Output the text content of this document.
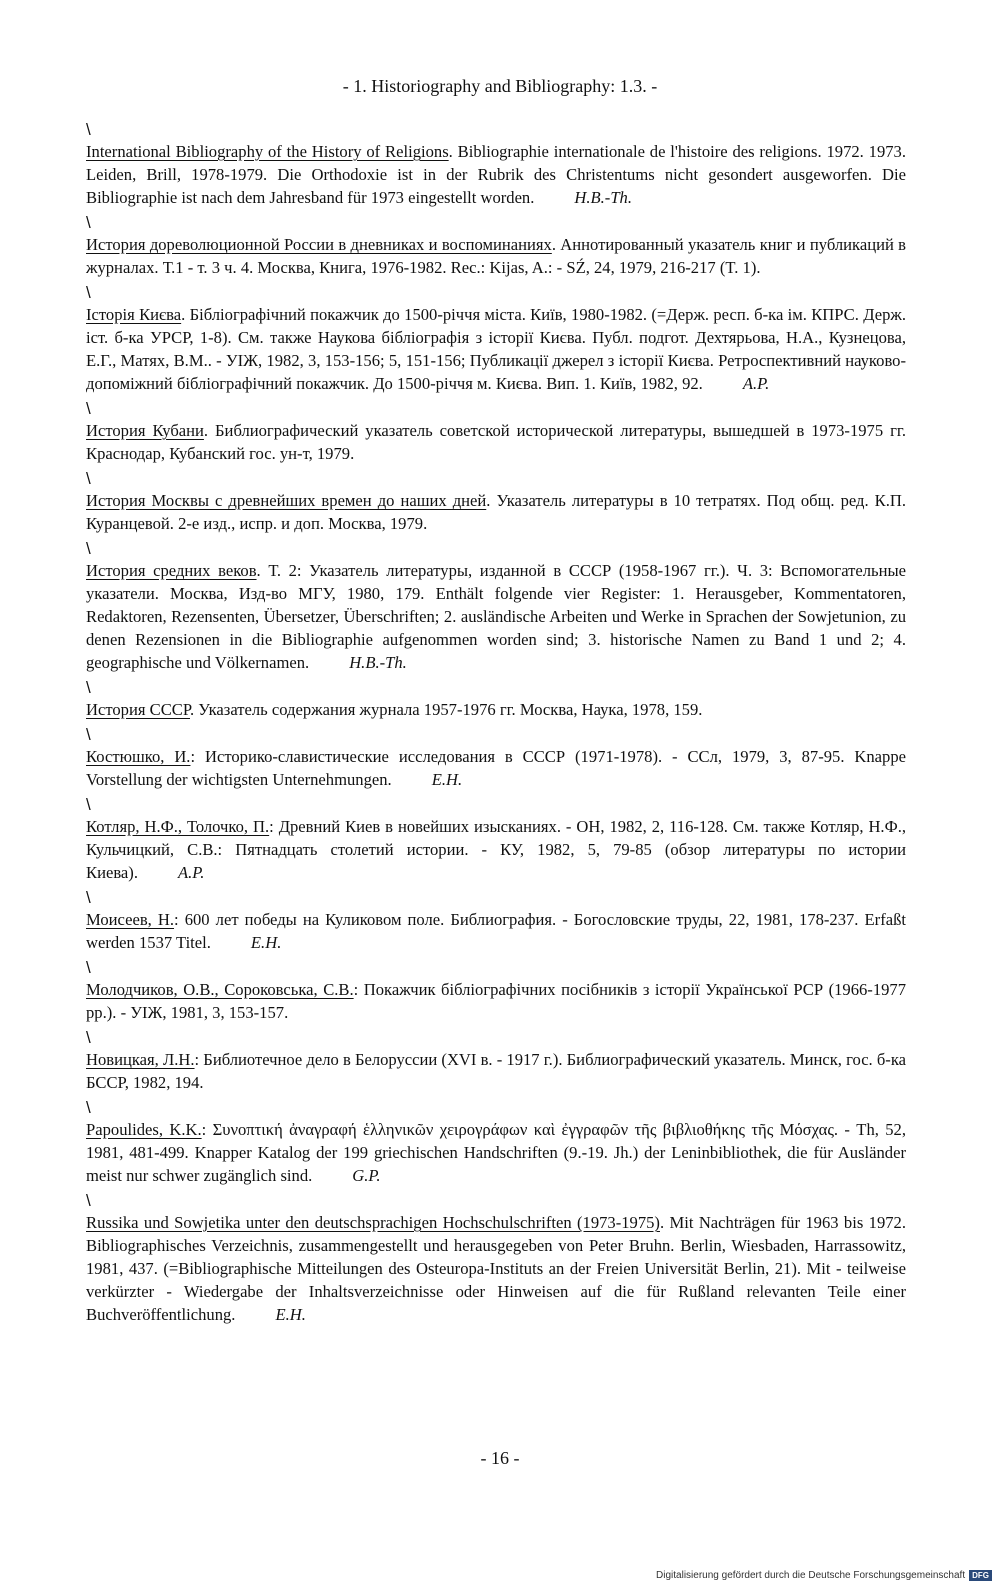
- 1. Historiography and Bibliography: 1.3. -
\
International Bibliography of the History of Religions. Bibliographie internationale de l'histoire des religions. 1972. 1973. Leiden, Brill, 1978-1979. Die Orthodoxie ist in der Rubrik des Christentums nicht gesondert ausgeworfen. Die Bibliographie ist nach dem Jahresband für 1973 eingestellt worden. H.B.-Th.
\
История дореволюционной России в дневниках и воспоминаниях. Аннотированный указатель книг и публикаций в журналах. Т.1 - т. 3 ч. 4. Москва, Книга, 1976-1982. Rec.: Kijas, A.: - SŹ, 24, 1979, 216-217 (T. 1).
\
Історія Києва. Бібліографічний покажчик до 1500-річчя міста. Київ, 1980-1982. (=Держ. респ. б-ка ім. КПРС. Держ. іст. б-ка УРСР, 1-8). См. также Наукова бібліографія з історії Києва. Публ. подгот. Дехтярьова, Н.А., Кузнецова, Е.Г., Матях, В.М.. - УІЖ, 1982, 3, 153-156; 5, 151-156; Публикації джерел з історії Києва. Ретроспективний науково-допоміжний бібліографічний покажчик. До 1500-річчя м. Києва. Вип. 1. Київ, 1982, 92. A.P.
\
История Кубани. Библиографический указатель советской исторической литературы, вышедшей в 1973-1975 гг. Краснодар, Кубанский гос. ун-т, 1979.
\
История Москвы с древнейших времен до наших дней. Указатель литературы в 10 тетратях. Под общ. ред. К.П. Куранцевой. 2-е изд., испр. и доп. Москва, 1979.
\
История средних веков. Т. 2: Указатель литературы, изданной в СССР (1958-1967 гг.). Ч. 3: Вспомогательные указатели. Москва, Изд-во МГУ, 1980, 179. Enthält folgende vier Register: 1. Herausgeber, Kommentatoren, Redaktoren, Rezensenten, Übersetzer, Überschriften; 2. ausländische Arbeiten und Werke in Sprachen der Sowjetunion, zu denen Rezensionen in die Bibliographie aufgenommen worden sind; 3. historische Namen zu Band 1 und 2; 4. geographische und Völkernamen. H.B.-Th.
\
История СССР. Указатель содержания журнала 1957-1976 гг. Москва, Наука, 1978, 159.
\
Костюшко, И.: Историко-славистические исследования в СССР (1971-1978). - ССл, 1979, 3, 87-95. Knappe Vorstellung der wichtigsten Unternehmungen. E.H.
\
Котляр, Н.Ф., Толочко, П.: Древний Киев в новейших изысканиях. - ОН, 1982, 2, 116-128. См. также Котляр, Н.Ф., Кульчицкий, С.В.: Пятнадцать столетий истории. - КУ, 1982, 5, 79-85 (обзор литературы по истории Киева). A.P.
\
Моисеев, Н.: 600 лет победы на Куликовом поле. Библиография. - Богословские труды, 22, 1981, 178-237. Erfaßt werden 1537 Titel. E.H.
\
Молодчиков, О.В., Сороковська, С.В.: Покажчик бібліографічних посібників з історії Української РСР (1966-1977 рр.). - УІЖ, 1981, 3, 153-157.
\
Новицкая, Л.Н.: Библиотечное дело в Белоруссии (XVI в. - 1917 г.). Библиографический указатель. Минск, гос. б-ка БССР, 1982, 194.
\
Papoulides, K.K.: Συνοπτική ἀναγραφή ἑλληνικῶν χειρογράφων καὶ ἐγγραφῶν τῆς βιβλιοθήκης τῆς Μόσχας. - Th, 52, 1981, 481-499. Knapper Katalog der 199 griechischen Handschriften (9.-19. Jh.) der Leninbibliothek, die für Ausländer meist nur schwer zugänglich sind. G.P.
\
Russika und Sowjetika unter den deutschsprachigen Hochschulschriften (1973-1975). Mit Nachträgen für 1963 bis 1972. Bibliographisches Verzeichnis, zusammengestellt und herausgegeben von Peter Bruhn. Berlin, Wiesbaden, Harrassowitz, 1981, 437. (=Bibliographische Mitteilungen des Osteuropa-Instituts an der Freien Universität Berlin, 21). Mit - teilweise verkürzter - Wiedergabe der Inhaltsverzeichnisse oder Hinweisen auf die für Rußland relevanten Teile einer Buchveröffentlichung. E.H.
- 16 -
Digitalisierung gefördert durch die Deutsche Forschungsgemeinschaft DFG
